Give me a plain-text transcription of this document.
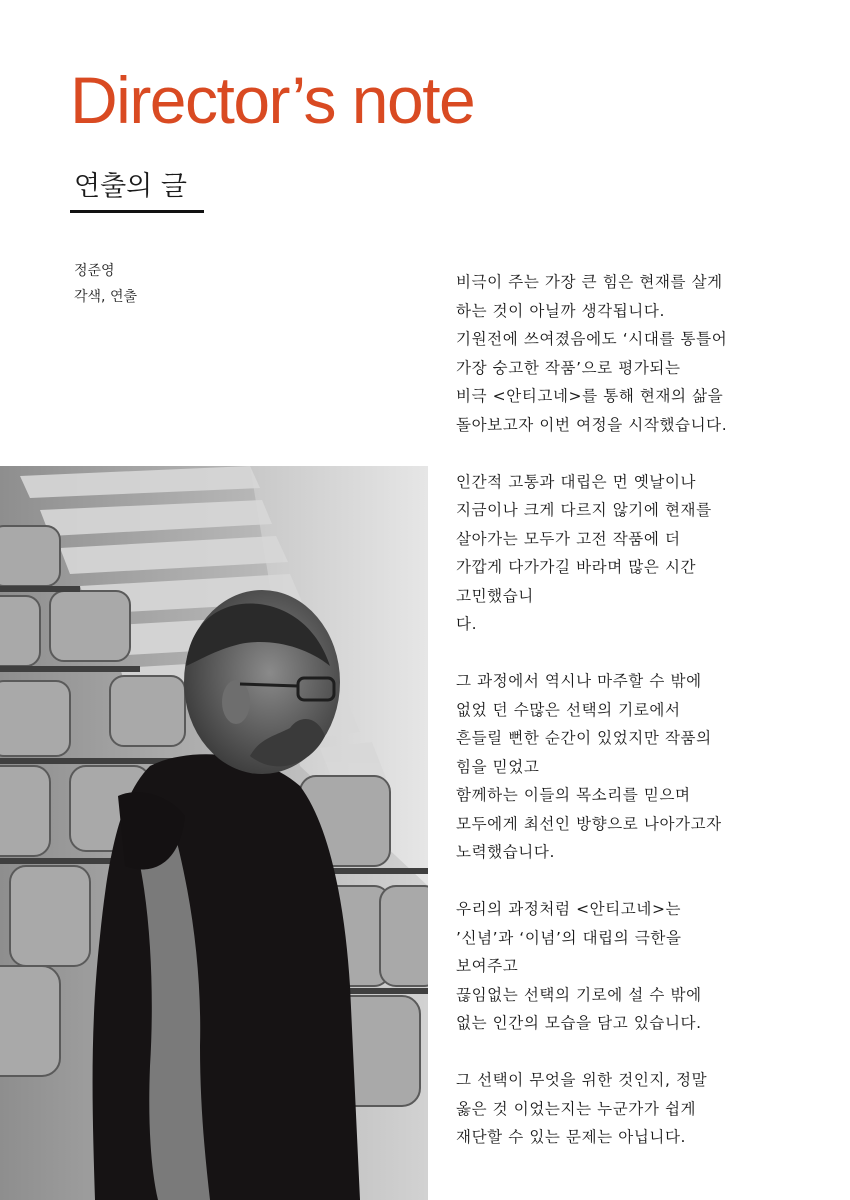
Director’s note
연출의 글
정준영
각색, 연출

비극이 주는 가장 큰 힘은 현재를 살게
하는 것이 아닐까 생각됩니다.
기원전에 쓰여졌음에도 ‘시대를 통틀어
가장 숭고한 작품’으로 평가되는
비극 <안티고네>를 통해 현재의 삶을
돌아보고자 이번 여정을 시작했습니다.

인간적 고통과 대립은 먼 옛날이나
지금이나 크게 다르지 않기에 현재를
살아가는 모두가 고전 작품에 더
가깝게 다가가길 바라며 많은 시간
고민했습니
다.

그 과정에서 역시나 마주할 수 밖에
없었 던 수많은 선택의 기로에서
흔들릴 뻔한 순간이 있었지만 작품의
힘을 믿었고
함께하는 이들의 목소리를 믿으며
모두에게 최선인 방향으로 나아가고자
노력했습니다.

우리의 과정처럼 <안티고네>는
’신념’과 ‘이념’의 대립의 극한을
보여주고
끊임없는 선택의 기로에 설 수 밖에
없는 인간의 모습을 담고 있습니다.

그 선택이 무엇을 위한 것인지, 정말
옳은 것 이었는지는 누군가가 쉽게
재단할 수 있는 문제는 아닙니다.
